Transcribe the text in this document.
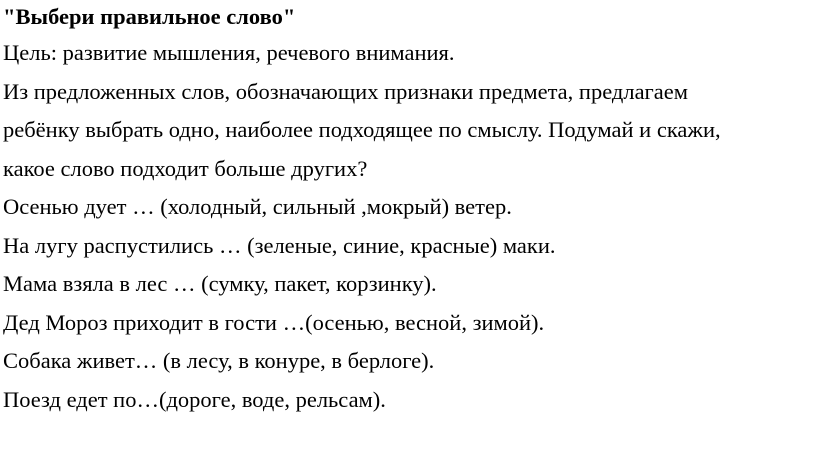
"Выбери правильное слово"
Цель: развитие мышления, речевого внимания.
Из предложенных слов, обозначающих признаки предмета, предлагаем
ребёнку выбрать одно, наиболее подходящее по смыслу. Подумай и скажи,
какое слово подходит больше других?
Осенью дует … (холодный, сильный ,мокрый) ветер.
На лугу распустились … (зеленые, синие, красные) маки.
Мама взяла в лес … (сумку, пакет, корзинку).
Дед Мороз приходит в гости …(осенью, весной, зимой).
Собака живет… (в лесу, в конуре, в берлоге).
Поезд едет по…(дороге, воде, рельсам).
